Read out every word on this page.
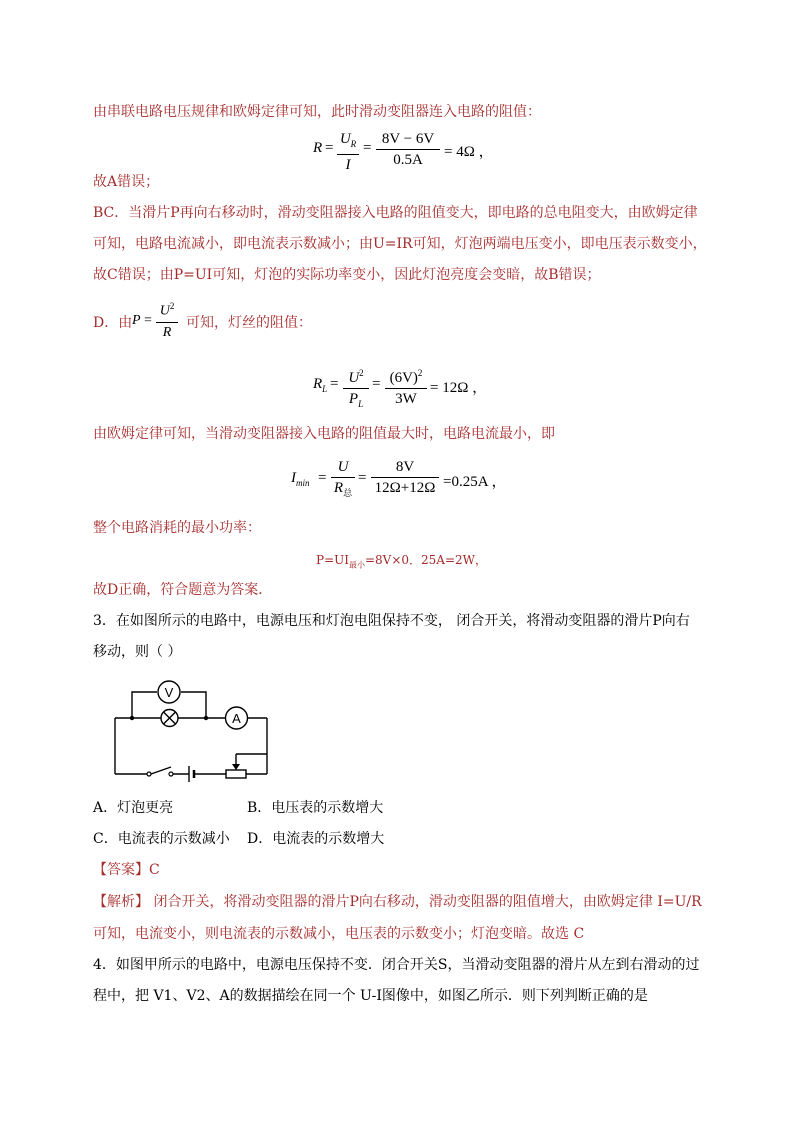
由串联电路电压规律和欧姆定律可知，此时滑动变阻器连入电路的阻值：
R =
$U_R$
I
=
8V − 6V
0.5A	= 4Ω ，
故A错误；
BC．当滑片P再向右移动时，滑动变阻器接入电路的阻值变大，即电路的总电阻变大，由欧姆定律
可知，电路电流减小，即电流表示数减小；由U=IR可知，灯泡两端电压变小，即电压表示数变小，
故C错误；由P=UI可知，灯泡的实际功率变小，因此灯泡亮度会变暗，故B错误；
D．由 P =
$U^2$
R
可知，灯丝的阻值：
$R_L = U^2$
$P_L$
= $(6V)^2$
3W
= 12Ω ，
由欧姆定律可知，当滑动变阻器接入电路的阻值最大时，电路电流最小，即
$I_{min}$ =
U
$R_总$
=
8V
12Ω+12Ω =0.25A ，
整个电路消耗的最小功率：
$P=UI_{最小}=8V\times 0$．25A=2W，
故D正确，符合题意为答案．
3．在如图所示的电路中，电源电压和灯泡电阻保持不变， 闭合开关，将滑动变阻器的滑片P向右
移动，则（ ）
V
A
A．灯泡更亮	B．电压表的示数增大
C．电流表的示数减小 D．电流表的示数增大
【答案】C
【解析】 闭合开关，将滑动变阻器的滑片P向右移动，滑动变阻器的阻值增大，由欧姆定律 I=U/R
可知，电流变小，则电流表的示数减小，电压表的示数变小；灯泡变暗。故选 C
4．如图甲所示的电路中，电源电压保持不变．闭合开关S，当滑动变阻器的滑片从左到右滑动的过
程中，把 V1、V2、A的数据描绘在同一个 U-I图像中，如图乙所示．则下列判断正确的是
